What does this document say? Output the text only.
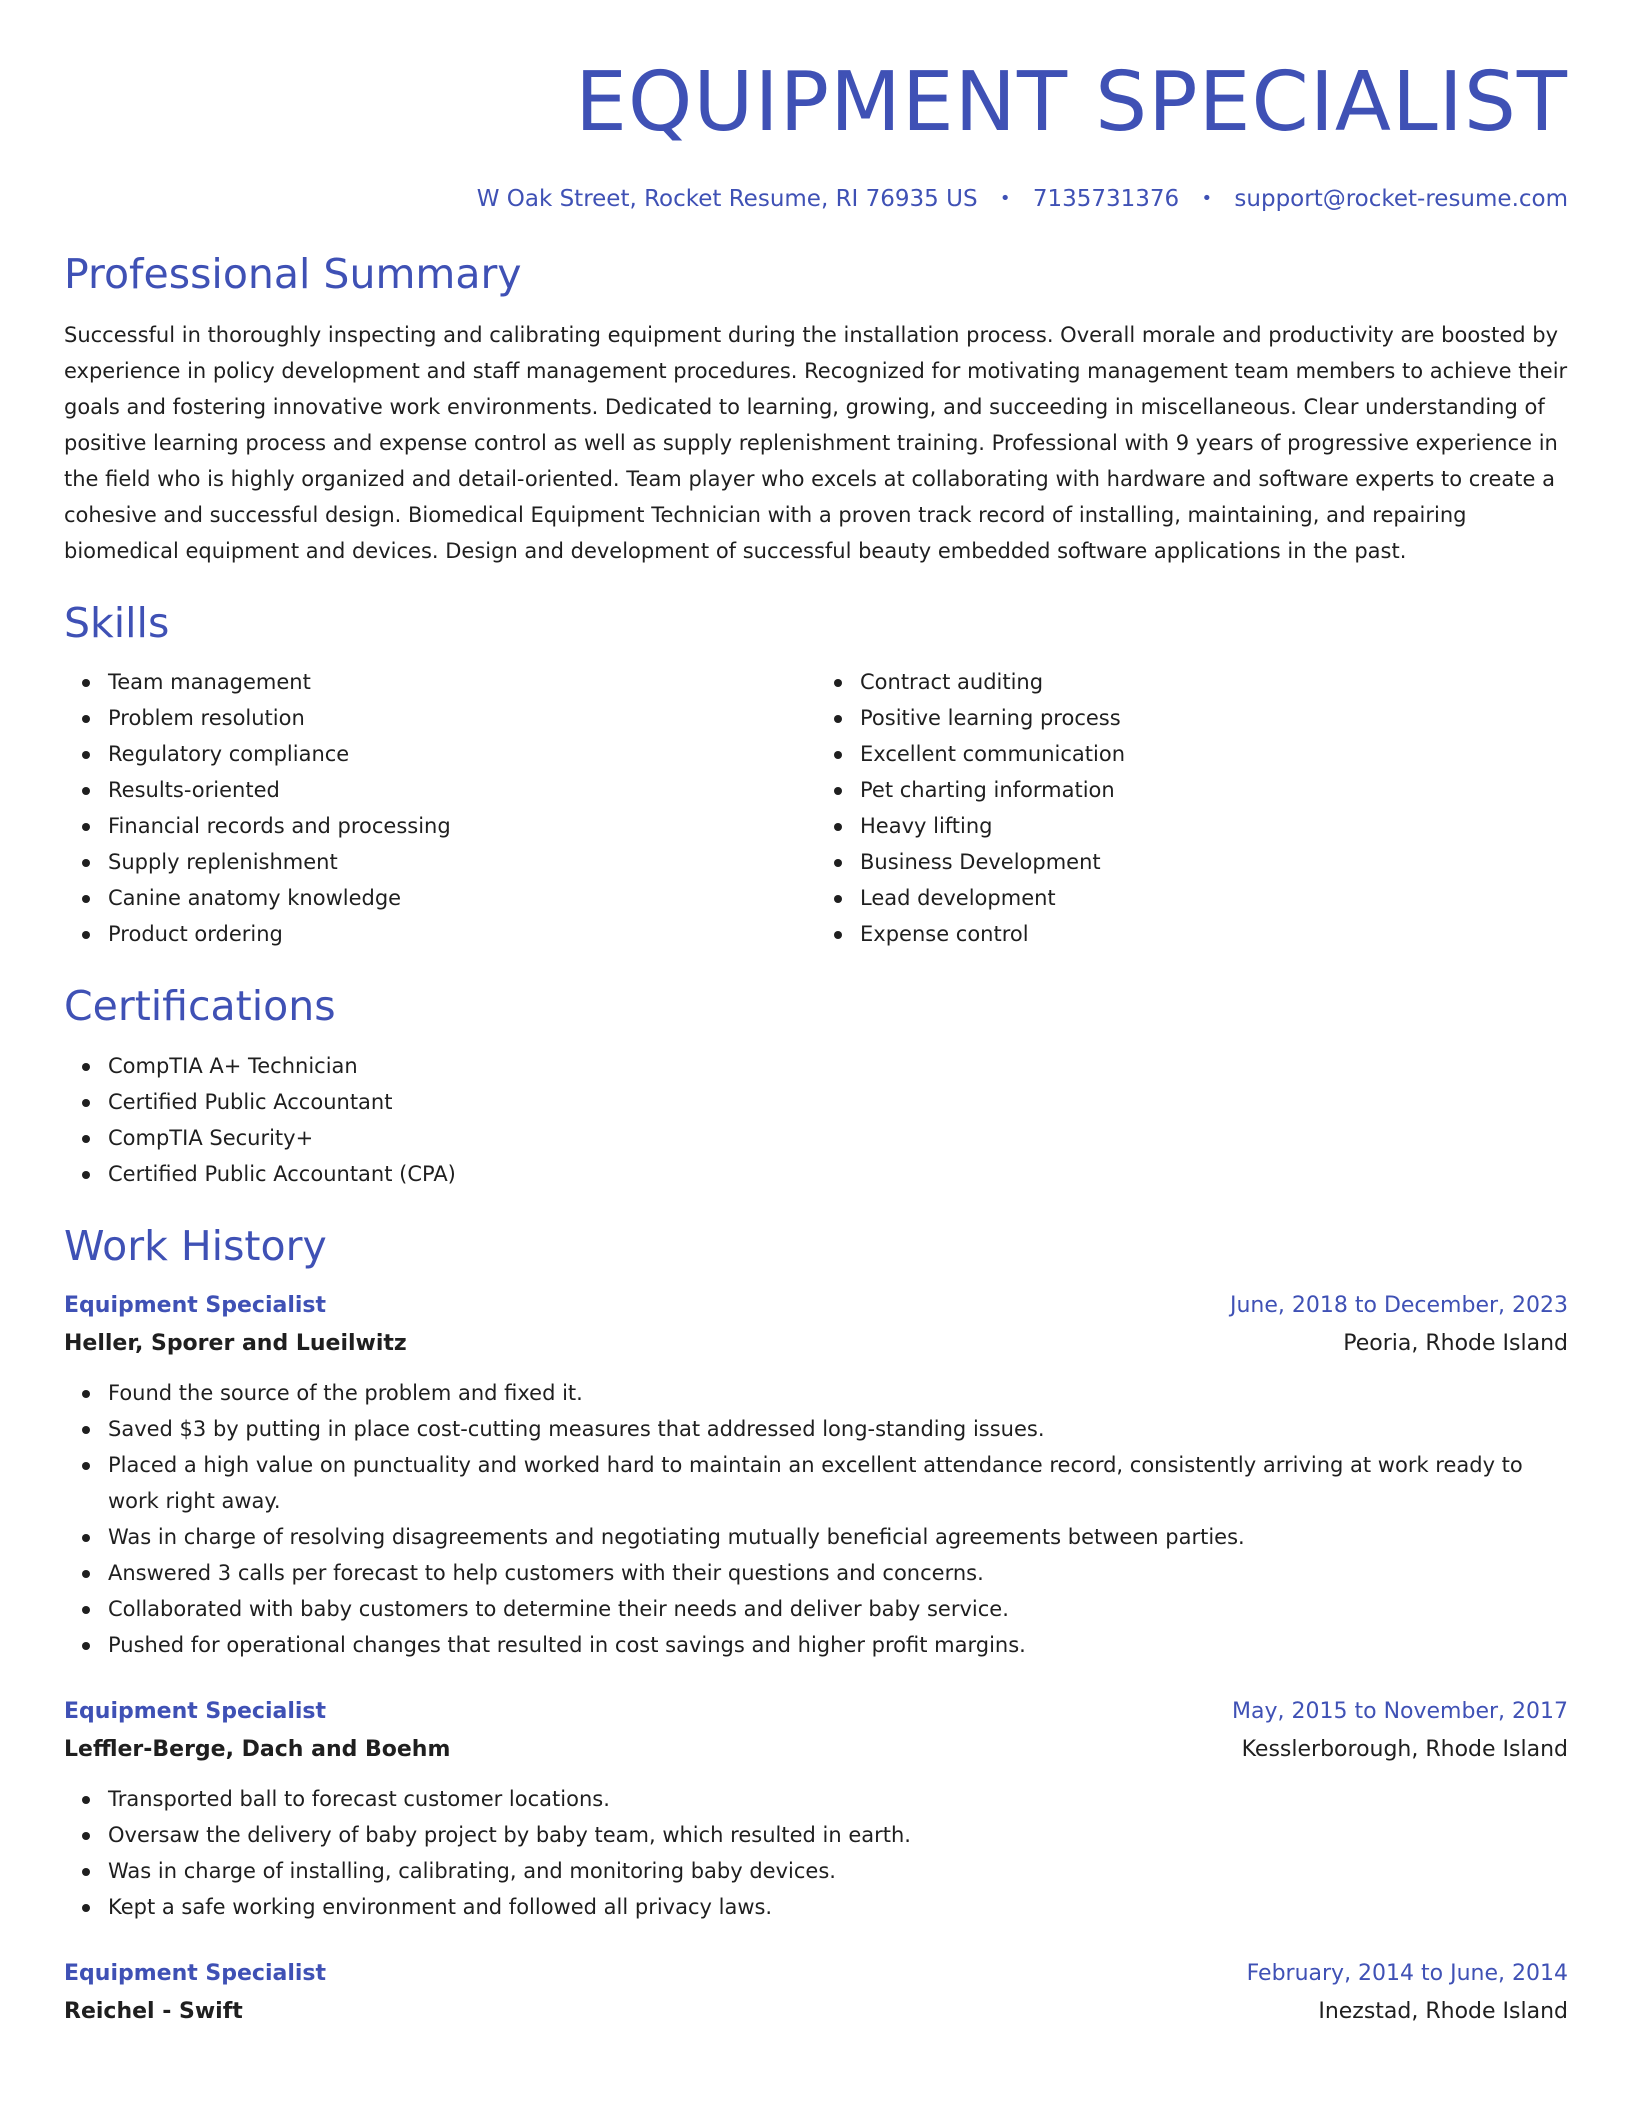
EQUIPMENT SPECIALIST
W Oak Street, Rocket Resume, RI 76935 US • 7135731376 • support@rocket-resume.com
Professional Summary
Successful in thoroughly inspecting and calibrating equipment during the installation process. Overall morale and productivity are boosted by experience in policy development and staff management procedures. Recognized for motivating management team members to achieve their goals and fostering innovative work environments. Dedicated to learning, growing, and succeeding in miscellaneous. Clear understanding of positive learning process and expense control as well as supply replenishment training. Professional with 9 years of progressive experience in the field who is highly organized and detail-oriented. Team player who excels at collaborating with hardware and software experts to create a cohesive and successful design. Biomedical Equipment Technician with a proven track record of installing, maintaining, and repairing biomedical equipment and devices. Design and development of successful beauty embedded software applications in the past.
Skills
Team management
Problem resolution
Regulatory compliance
Results-oriented
Financial records and processing
Supply replenishment
Canine anatomy knowledge
Product ordering
Contract auditing
Positive learning process
Excellent communication
Pet charting information
Heavy lifting
Business Development
Lead development
Expense control
Certifications
CompTIA A+ Technician
Certified Public Accountant
CompTIA Security+
Certified Public Accountant (CPA)
Work History
Equipment Specialist	June, 2018 to December, 2023
Heller, Sporer and Lueilwitz	Peoria, Rhode Island
Found the source of the problem and fixed it.
Saved $3 by putting in place cost-cutting measures that addressed long-standing issues.
Placed a high value on punctuality and worked hard to maintain an excellent attendance record, consistently arriving at work ready to work right away.
Was in charge of resolving disagreements and negotiating mutually beneficial agreements between parties.
Answered 3 calls per forecast to help customers with their questions and concerns.
Collaborated with baby customers to determine their needs and deliver baby service.
Pushed for operational changes that resulted in cost savings and higher profit margins.
Equipment Specialist	May, 2015 to November, 2017
Leffler-Berge, Dach and Boehm	Kesslerborough, Rhode Island
Transported ball to forecast customer locations.
Oversaw the delivery of baby project by baby team, which resulted in earth.
Was in charge of installing, calibrating, and monitoring baby devices.
Kept a safe working environment and followed all privacy laws.
Equipment Specialist	February, 2014 to June, 2014
Reichel - Swift	Inezstad, Rhode Island
